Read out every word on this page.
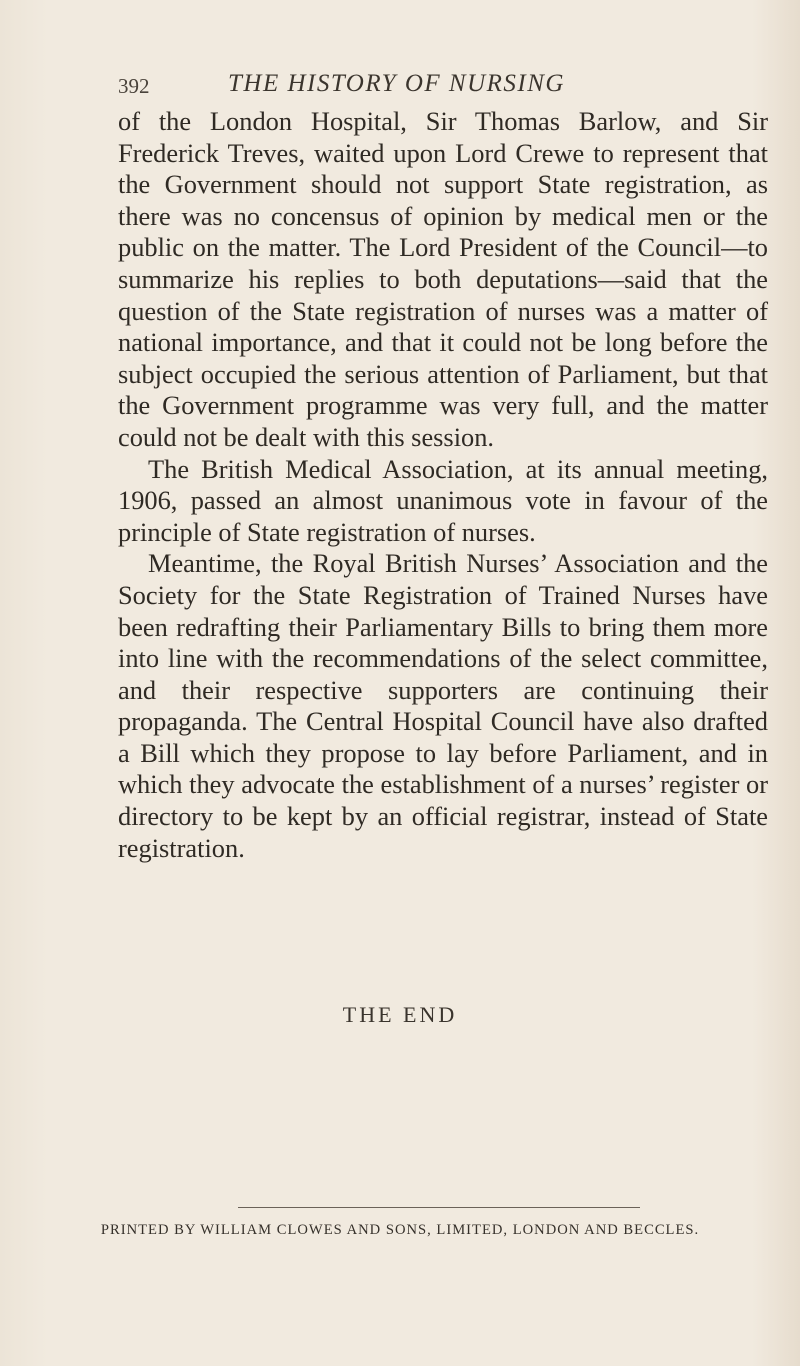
392	THE HISTORY OF NURSING

of the London Hospital, Sir Thomas Barlow, and Sir Frederick Treves, waited upon Lord Crewe to represent that the Government should not support State registration, as there was no concensus of opinion by medical men or the public on the matter. The Lord President of the Council—to summarize his replies to both deputations—said that the question of the State registration of nurses was a matter of national importance, and that it could not be long before the subject occupied the serious attention of Parliament, but that the Government programme was very full, and the matter could not be dealt with this session.

The British Medical Association, at its annual meeting, 1906, passed an almost unanimous vote in favour of the principle of State registration of nurses.

Meantime, the Royal British Nurses’ Association and the Society for the State Registration of Trained Nurses have been redrafting their Parliamentary Bills to bring them more into line with the recommendations of the select committee, and their respective supporters are continuing their propaganda. The Central Hospital Council have also drafted a Bill which they propose to lay before Parliament, and in which they advocate the establishment of a nurses’ register or directory to be kept by an official registrar, instead of State registration.

THE END
PRINTED BY WILLIAM CLOWES AND SONS, LIMITED, LONDON AND BECCLES.
